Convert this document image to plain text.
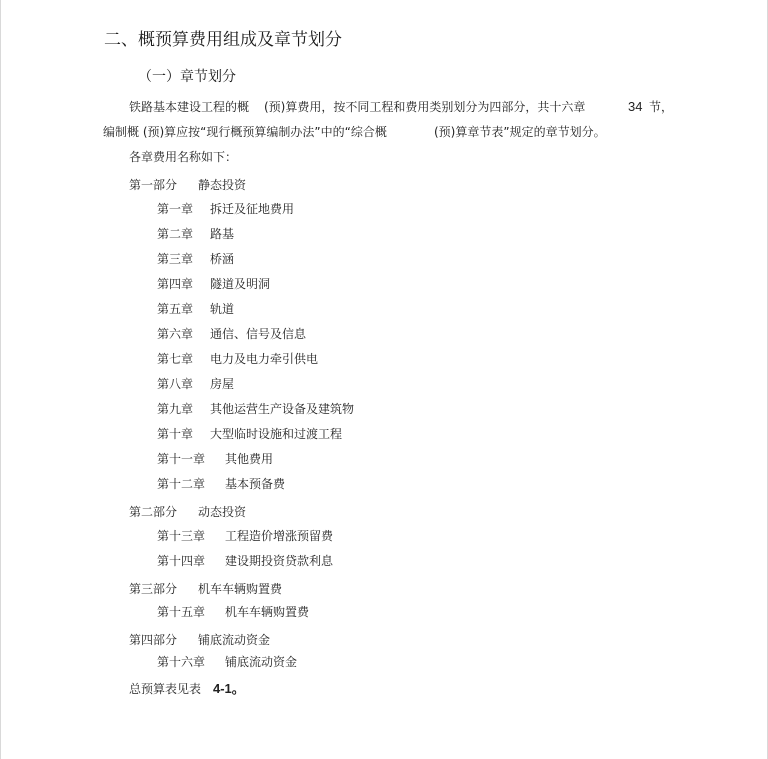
二、概预算费用组成及章节划分
（一）章节划分
铁路基本建设工程的概 (预)算费用，按不同工程和费用类别划分为四部分，共十六章	34 节，
编制概 (预)算应按“现行概预算编制办法”中的“综合概	(预)算章节表”规定的章节划分。
各章费用名称如下：
第一部分 静态投资
第一章 拆迁及征地费用
第二章 路基
第三章 桥涵
第四章 隧道及明洞
第五章 轨道
第六章 通信、信号及信息
第七章 电力及电力牵引供电
第八章 房屋
第九章 其他运营生产设备及建筑物
第十章 大型临时设施和过渡工程
第十一章 其他费用
第十二章 基本预备费
第二部分 动态投资
第十三章 工程造价增涨预留费
第十四章 建设期投资贷款利息
第三部分 机车车辆购置费
第十五章 机车车辆购置费
第四部分 铺底流动资金
第十六章 铺底流动资金
总预算表见表 4-1。
